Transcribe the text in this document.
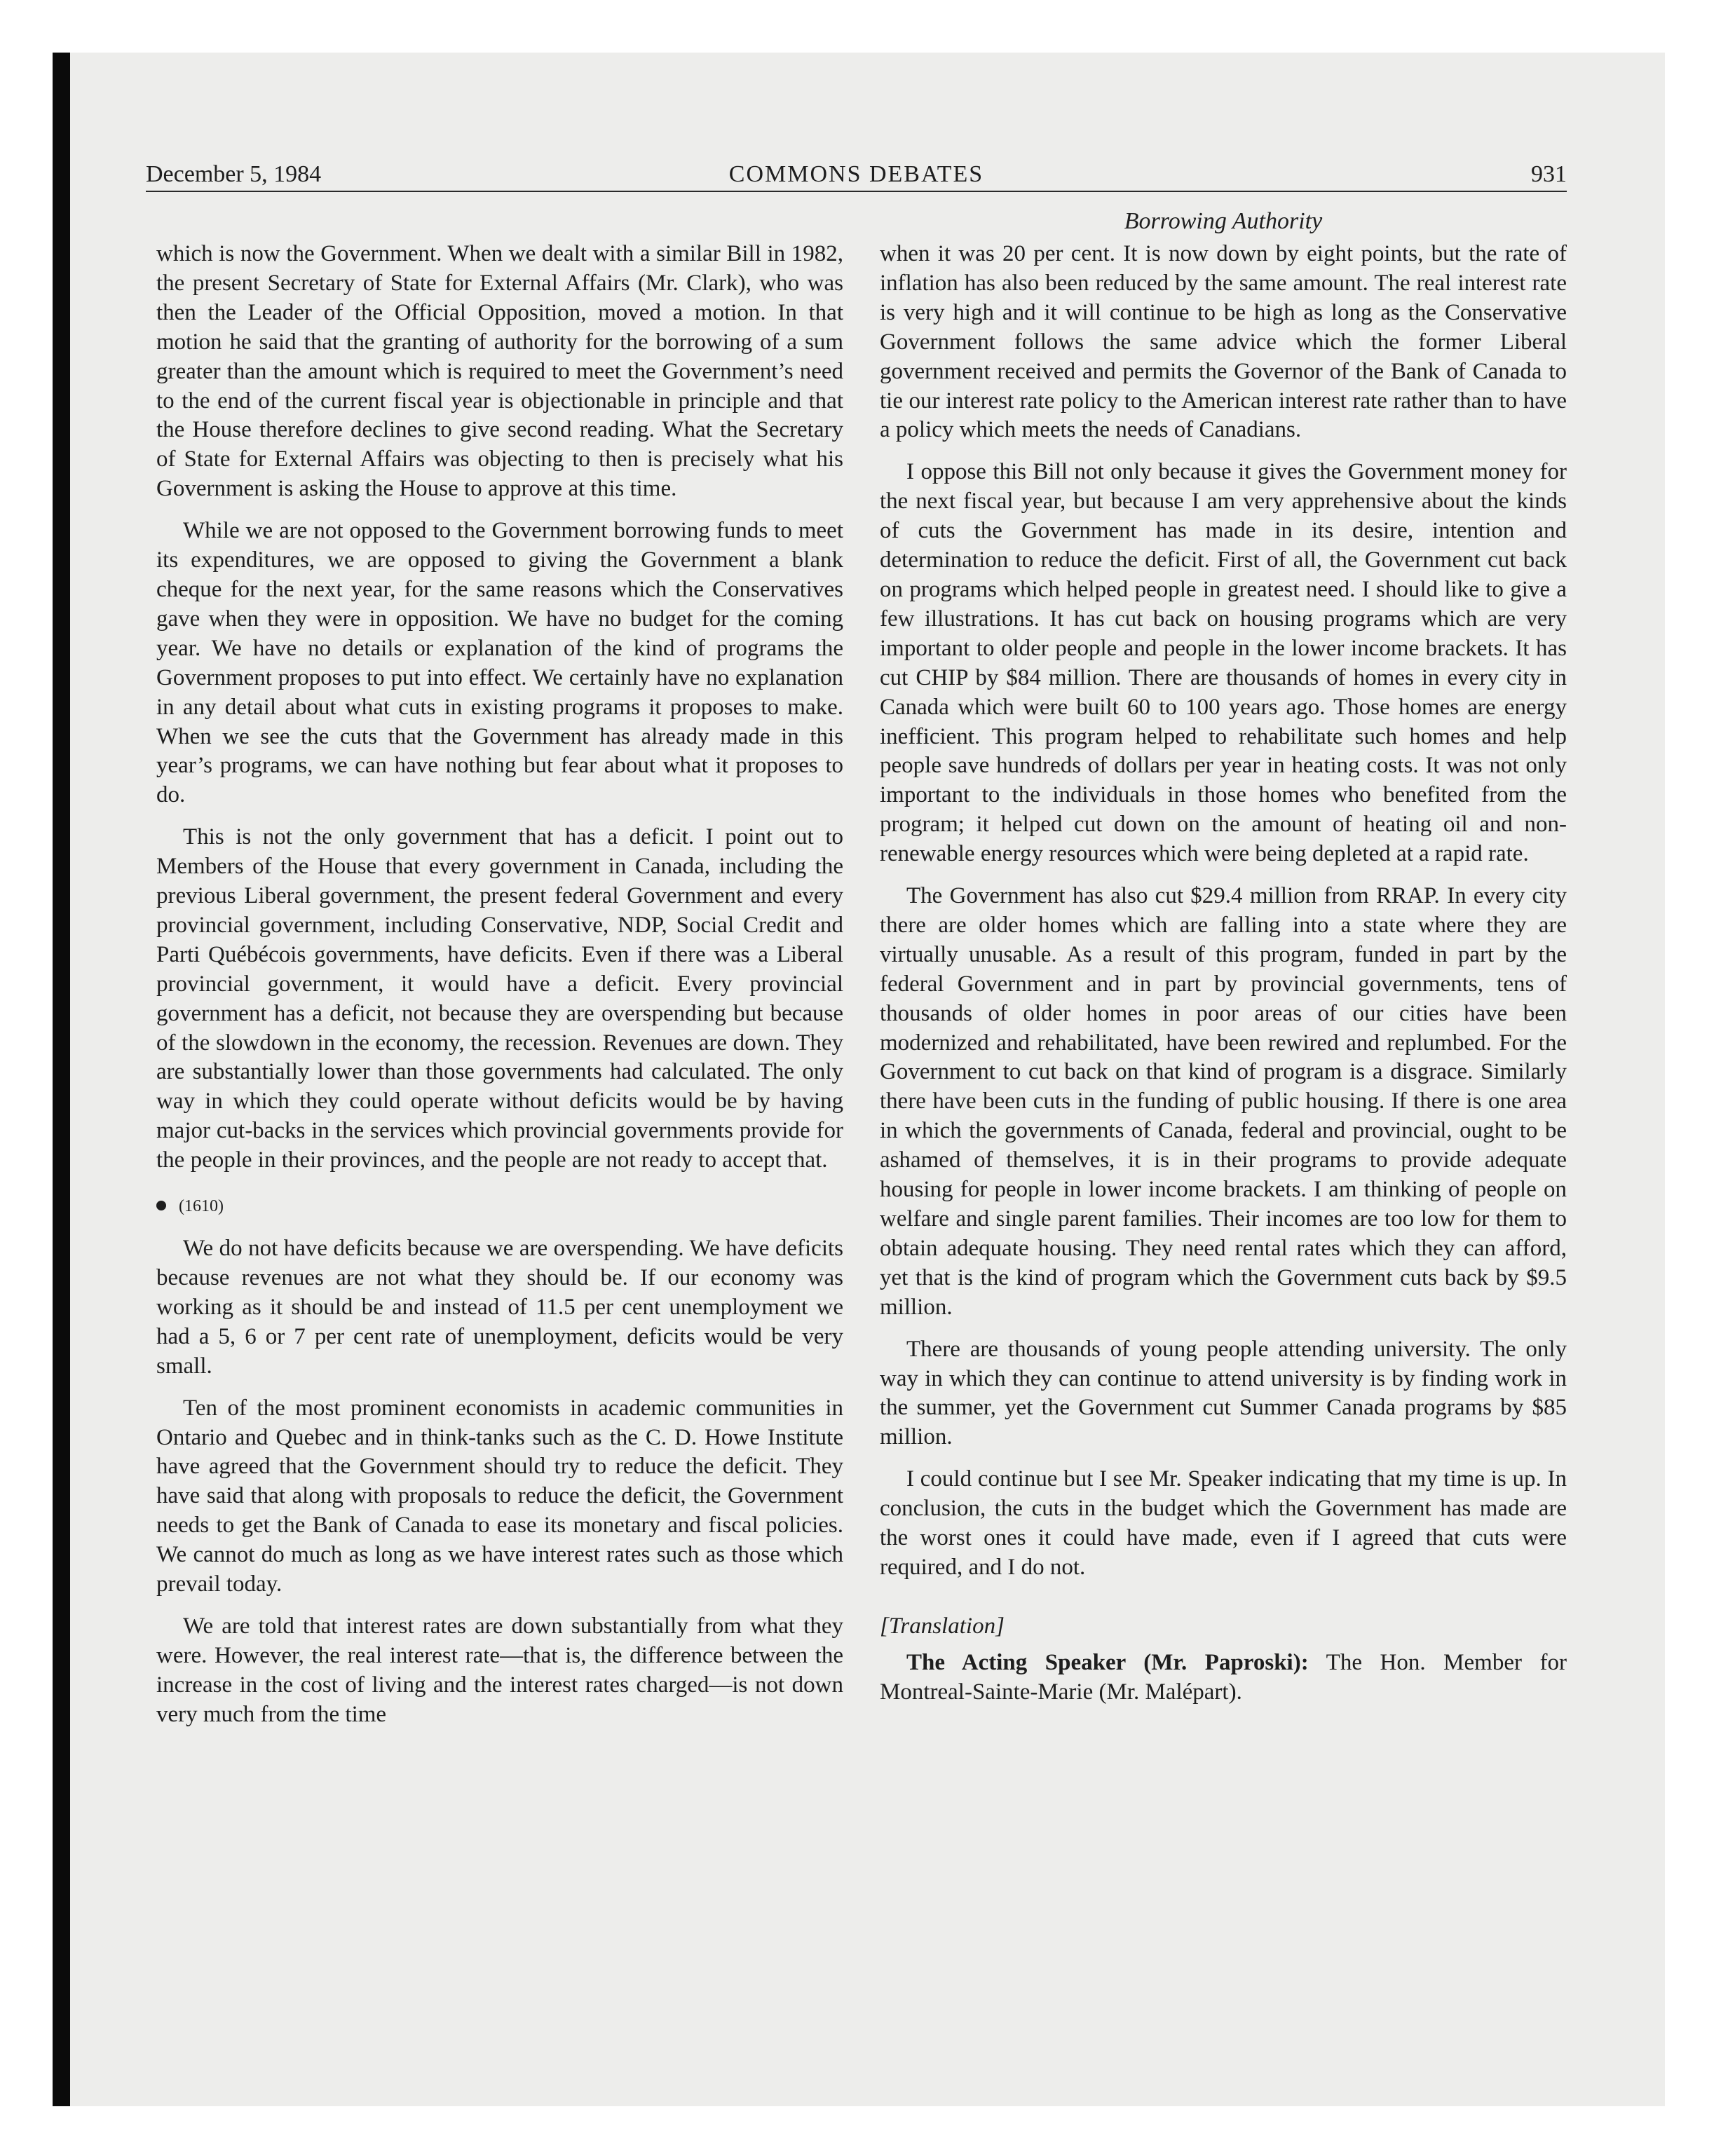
December 5, 1984	COMMONS DEBATES	931
Borrowing Authority

which is now the Government. When we dealt with a similar Bill in 1982, the present Secretary of State for External Affairs (Mr. Clark), who was then the Leader of the Official Opposition, moved a motion. In that motion he said that the granting of authority for the borrowing of a sum greater than the amount which is required to meet the Government’s need to the end of the current fiscal year is objectionable in principle and that the House therefore declines to give second reading. What the Secretary of State for External Affairs was objecting to then is precisely what his Government is asking the House to approve at this time.

While we are not opposed to the Government borrowing funds to meet its expenditures, we are opposed to giving the Government a blank cheque for the next year, for the same reasons which the Conservatives gave when they were in opposition. We have no budget for the coming year. We have no details or explanation of the kind of programs the Government proposes to put into effect. We certainly have no explanation in any detail about what cuts in existing programs it proposes to make. When we see the cuts that the Government has already made in this year’s programs, we can have nothing but fear about what it proposes to do.

This is not the only government that has a deficit. I point out to Members of the House that every government in Canada, including the previous Liberal government, the present federal Government and every provincial government, including Conservative, NDP, Social Credit and Parti Québécois governments, have deficits. Even if there was a Liberal provincial government, it would have a deficit. Every provincial government has a deficit, not because they are overspending but because of the slowdown in the economy, the recession. Revenues are down. They are substantially lower than those governments had calculated. The only way in which they could operate without deficits would be by having major cut-backs in the services which provincial governments provide for the people in their provinces, and the people are not ready to accept that.

(1610)

We do not have deficits because we are overspending. We have deficits because revenues are not what they should be. If our economy was working as it should be and instead of 11.5 per cent unemployment we had a 5, 6 or 7 per cent rate of unemployment, deficits would be very small.

Ten of the most prominent economists in academic communities in Ontario and Quebec and in think-tanks such as the C. D. Howe Institute have agreed that the Government should try to reduce the deficit. They have said that along with proposals to reduce the deficit, the Government needs to get the Bank of Canada to ease its monetary and fiscal policies. We cannot do much as long as we have interest rates such as those which prevail today.

We are told that interest rates are down substantially from what they were. However, the real interest rate—that is, the difference between the increase in the cost of living and the interest rates charged—is not down very much from the time

when it was 20 per cent. It is now down by eight points, but the rate of inflation has also been reduced by the same amount. The real interest rate is very high and it will continue to be high as long as the Conservative Government follows the same advice which the former Liberal government received and permits the Governor of the Bank of Canada to tie our interest rate policy to the American interest rate rather than to have a policy which meets the needs of Canadians.

I oppose this Bill not only because it gives the Government money for the next fiscal year, but because I am very apprehensive about the kinds of cuts the Government has made in its desire, intention and determination to reduce the deficit. First of all, the Government cut back on programs which helped people in greatest need. I should like to give a few illustrations. It has cut back on housing programs which are very important to older people and people in the lower income brackets. It has cut CHIP by $84 million. There are thousands of homes in every city in Canada which were built 60 to 100 years ago. Those homes are energy inefficient. This program helped to rehabilitate such homes and help people save hundreds of dollars per year in heating costs. It was not only important to the individuals in those homes who benefited from the program; it helped cut down on the amount of heating oil and non-renewable energy resources which were being depleted at a rapid rate.

The Government has also cut $29.4 million from RRAP. In every city there are older homes which are falling into a state where they are virtually unusable. As a result of this program, funded in part by the federal Government and in part by provincial governments, tens of thousands of older homes in poor areas of our cities have been modernized and rehabilitated, have been rewired and replumbed. For the Government to cut back on that kind of program is a disgrace. Similarly there have been cuts in the funding of public housing. If there is one area in which the governments of Canada, federal and provincial, ought to be ashamed of themselves, it is in their programs to provide adequate housing for people in lower income brackets. I am thinking of people on welfare and single parent families. Their incomes are too low for them to obtain adequate housing. They need rental rates which they can afford, yet that is the kind of program which the Government cuts back by $9.5 million.

There are thousands of young people attending university. The only way in which they can continue to attend university is by finding work in the summer, yet the Government cut Summer Canada programs by $85 million.

I could continue but I see Mr. Speaker indicating that my time is up. In conclusion, the cuts in the budget which the Government has made are the worst ones it could have made, even if I agreed that cuts were required, and I do not.

[Translation]

The Acting Speaker (Mr. Paproski): The Hon. Member for Montreal-Sainte-Marie (Mr. Malépart).
